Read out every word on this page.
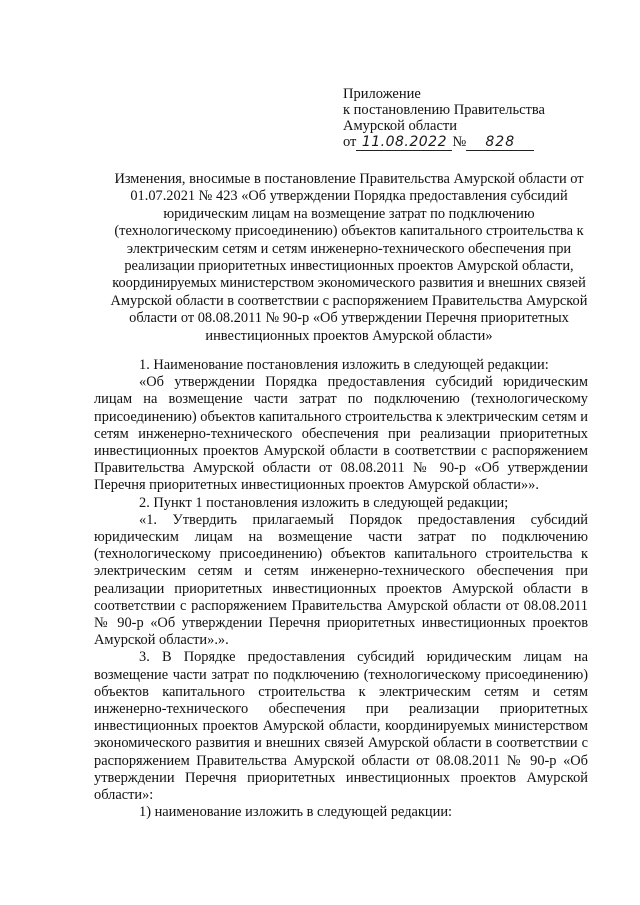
Приложение
к постановлению Правительства
Амурской области
от 11.08.2022 №	828
Изменения, вносимые в постановление Правительства Амурской области от 01.07.2021 № 423 «Об утверждении Порядка предоставления субсидий юридическим лицам на возмещение затрат по подключению (технологическому присоединению) объектов капитального строительства к электрическим сетям и сетям инженерно-технического обеспечения при реализации приоритетных инвестиционных проектов Амурской области, координируемых министерством экономического развития и внешних связей Амурской области в соответствии с распоряжением Правительства Амурской области от 08.08.2011 № 90-р «Об утверждении Перечня приоритетных инвестиционных проектов Амурской области»

1. Наименование постановления изложить в следующей редакции:

«Об утверждении Порядка предоставления субсидий юридическим лицам на возмещение части затрат по подключению (технологическому присоединению) объектов капитального строительства к электрическим сетям и сетям инженерно-технического обеспечения при реализации приоритетных инвестиционных проектов Амурской области в соответствии с распоряжением Правительства Амурской области от 08.08.2011 № 90-р «Об утверждении Перечня приоритетных инвестиционных проектов Амурской области»».

2. Пункт 1 постановления изложить в следующей редакции;

«1. Утвердить прилагаемый Порядок предоставления субсидий юридическим лицам на возмещение части затрат по подключению (технологическому присоединению) объектов капитального строительства к электрическим сетям и сетям инженерно-технического обеспечения при реализации приоритетных инвестиционных проектов Амурской области в соответствии с распоряжением Правительства Амурской области от 08.08.2011 № 90-р «Об утверждении Перечня приоритетных инвестиционных проектов Амурской области».».

3. В Порядке предоставления субсидий юридическим лицам на возмещение части затрат по подключению (технологическому присоединению) объектов капитального строительства к электрическим сетям и сетям инженерно-технического обеспечения при реализации приоритетных инвестиционных проектов Амурской области, координируемых министерством экономического развития и внешних связей Амурской области в соответствии с распоряжением Правительства Амурской области от 08.08.2011 № 90-р «Об утверждении Перечня приоритетных инвестиционных проектов Амурской области»:

1) наименование изложить в следующей редакции:
